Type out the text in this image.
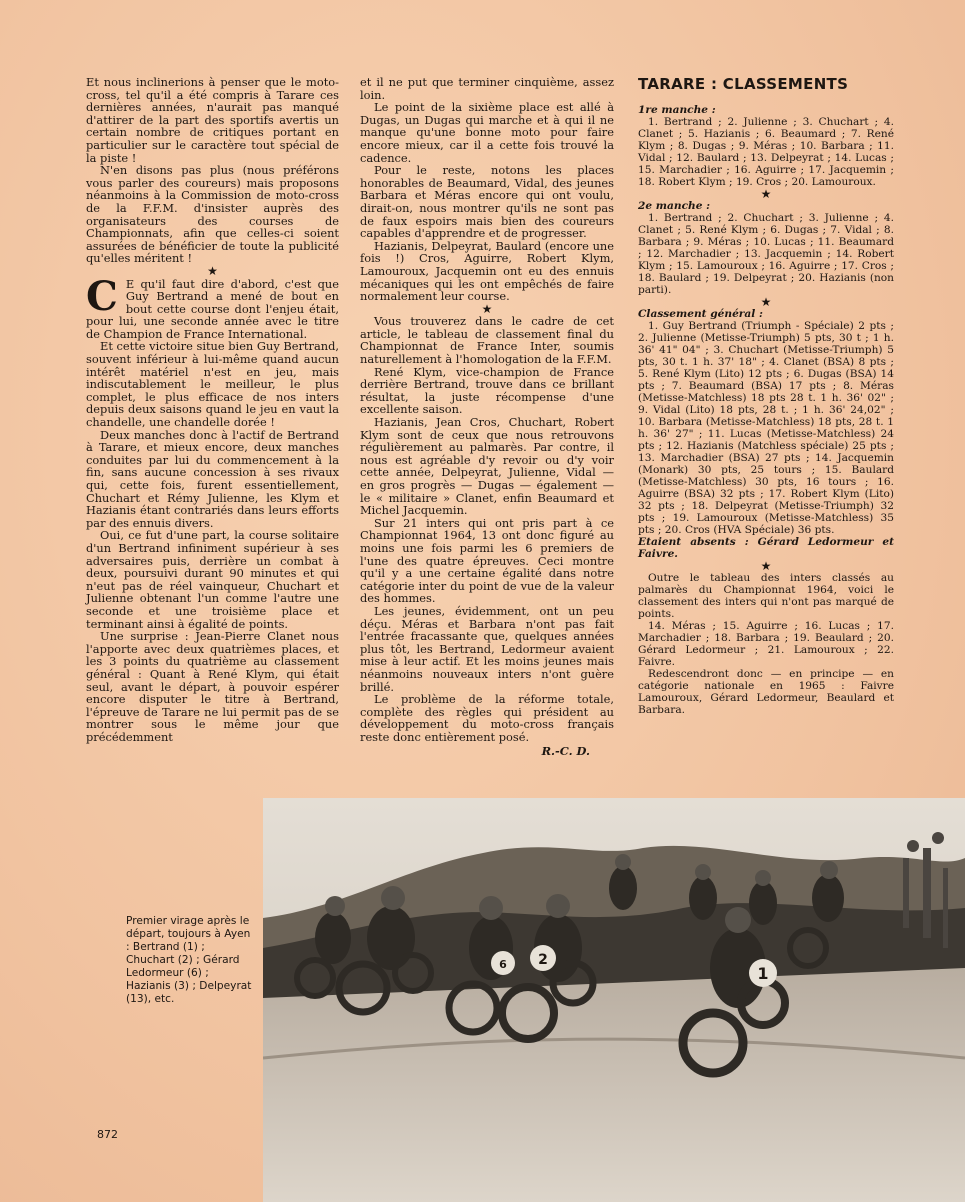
Et nous inclinerions à penser que le moto-cross, tel qu'il a été compris à Tarare ces dernières années, n'aurait pas manqué d'attirer de la part des sportifs avertis un certain nombre de critiques portant en particulier sur le caractère tout spécial de la piste !

N'en disons pas plus (nous préférons vous parler des coureurs) mais proposons néanmoins à la Commission de moto-cross de la F.F.M. d'insister auprès des organisateurs des courses de Championnats, afin que celles-ci soient assurées de bénéficier de toute la publicité qu'elles méritent !

★

C E qu'il faut dire d'abord, c'est que Guy Bertrand a mené de bout en bout cette course dont l'enjeu était, pour lui, une seconde année avec le titre de Champion de France International.

Et cette victoire situe bien Guy Bertrand, souvent inférieur à lui-même quand aucun intérêt matériel n'est en jeu, mais indiscutablement le meilleur, le plus complet, le plus efficace de nos inters depuis deux saisons quand le jeu en vaut la chandelle, une chandelle dorée !

Deux manches donc à l'actif de Bertrand à Tarare, et mieux encore, deux manches conduites par lui du commencement à la fin, sans aucune concession à ses rivaux qui, cette fois, furent essentiellement, Chuchart et Rémy Julienne, les Klym et Hazianis étant contrariés dans leurs efforts par des ennuis divers.

Oui, ce fut d'une part, la course solitaire d'un Bertrand infiniment supérieur à ses adversaires puis, derrière un combat à deux, poursuivi durant 90 minutes et qui n'eut pas de réel vainqueur, Chuchart et Julienne obtenant l'un comme l'autre une seconde et une troisième place et terminant ainsi à égalité de points.

Une surprise : Jean-Pierre Clanet nous l'apporte avec deux quatrièmes places, et les 3 points du quatrième au classement général : Quant à René Klym, qui était seul, avant le départ, à pouvoir espérer encore disputer le titre à Bertrand, l'épreuve de Tarare ne lui permit pas de se montrer sous le même jour que précédemment

et il ne put que terminer cinquième, assez loin.

Le point de la sixième place est allé à Dugas, un Dugas qui marche et à qui il ne manque qu'une bonne moto pour faire encore mieux, car il a cette fois trouvé la cadence.

Pour le reste, notons les places honorables de Beaumard, Vidal, des jeunes Barbara et Méras encore qui ont voulu, dirait-on, nous montrer qu'ils ne sont pas de faux espoirs mais bien des coureurs capables d'apprendre et de progresser.

Hazianis, Delpeyrat, Baulard (encore une fois !) Cros, Aguirre, Robert Klym, Lamouroux, Jacquemin ont eu des ennuis mécaniques qui les ont empêchés de faire normalement leur course.

★

Vous trouverez dans le cadre de cet article, le tableau de classement final du Championnat de France Inter, soumis naturellement à l'homologation de la F.F.M.

René Klym, vice-champion de France derrière Bertrand, trouve dans ce brillant résultat, la juste récompense d'une excellente saison.

Hazianis, Jean Cros, Chuchart, Robert Klym sont de ceux que nous retrouvons régulièrement au palmarès. Par contre, il nous est agréable d'y revoir ou d'y voir cette année, Delpeyrat, Julienne, Vidal — en gros progrès — Dugas — également — le « militaire » Clanet, enfin Beaumard et Michel Jacquemin.

Sur 21 inters qui ont pris part à ce Championnat 1964, 13 ont donc figuré au moins une fois parmi les 6 premiers de l'une des quatre épreuves. Ceci montre qu'il y a une certaine égalité dans notre catégorie inter du point de vue de la valeur des hommes.

Les jeunes, évidemment, ont un peu déçu. Méras et Barbara n'ont pas fait l'entrée fracassante que, quelques années plus tôt, les Bertrand, Ledormeur avaient mise à leur actif. Et les moins jeunes mais néanmoins nouveaux inters n'ont guère brillé.

Le problème de la réforme totale, complète des règles qui président au développement du moto-cross français reste donc entièrement posé.

R.-C. D.

TARARE : CLASSEMENTS

1re manche :

1. Bertrand ; 2. Julienne ; 3. Chuchart ; 4. Clanet ; 5. Hazianis ; 6. Beaumard ; 7. René Klym ; 8. Dugas ; 9. Méras ; 10. Barbara ; 11. Vidal ; 12. Baulard ; 13. Delpeyrat ; 14. Lucas ; 15. Marchadier ; 16. Aguirre ; 17. Jacquemin ; 18. Robert Klym ; 19. Cros ; 20. Lamouroux.

★

2e manche :

1. Bertrand ; 2. Chuchart ; 3. Julienne ; 4. Clanet ; 5. René Klym ; 6. Dugas ; 7. Vidal ; 8. Barbara ; 9. Méras ; 10. Lucas ; 11. Beaumard ; 12. Marchadier ; 13. Jacquemin ; 14. Robert Klym ; 15. Lamouroux ; 16. Aguirre ; 17. Cros ; 18. Baulard ; 19. Delpeyrat ; 20. Hazianis (non parti).

★

Classement général :

1. Guy Bertrand (Triumph - Spéciale) 2 pts ; 2. Julienne (Metisse-Triumph) 5 pts, 30 t ; 1 h. 36' 41" 04" ; 3. Chuchart (Metisse-Triumph) 5 pts, 30 t. 1 h. 37' 18" ; 4. Clanet (BSA) 8 pts ; 5. René Klym (Lito) 12 pts ; 6. Dugas (BSA) 14 pts ; 7. Beaumard (BSA) 17 pts ; 8. Méras (Metisse-Matchless) 18 pts 28 t. 1 h. 36' 02" ; 9. Vidal (Lito) 18 pts, 28 t. ; 1 h. 36' 24,02" ; 10. Barbara (Metisse-Matchless) 18 pts, 28 t. 1 h. 36' 27" ; 11. Lucas (Metisse-Matchless) 24 pts ; 12. Hazianis (Matchless spéciale) 25 pts ; 13. Marchadier (BSA) 27 pts ; 14. Jacquemin (Monark) 30 pts, 25 tours ; 15. Baulard (Metisse-Matchless) 30 pts, 16 tours ; 16. Aguirre (BSA) 32 pts ; 17. Robert Klym (Lito) 32 pts ; 18. Delpeyrat (Metisse-Triumph) 32 pts ; 19. Lamouroux (Metisse-Matchless) 35 pts ; 20. Cros (HVA Spéciale) 36 pts.

Etaient absents : Gérard Ledormeur et Faivre.

★

Outre le tableau des inters classés au palmarès du Championnat 1964, voici le classement des inters qui n'ont pas marqué de points.

14. Méras ; 15. Aguirre ; 16. Lucas ; 17. Marchadier ; 18. Barbara ; 19. Beaulard ; 20. Gérard Ledormeur ; 21. Lamouroux ; 22. Faivre.

Redescendront donc — en principe — en catégorie nationale en 1965 : Faivre Lamouroux, Gérard Ledormeur, Beaulard et Barbara.

Premier virage après le départ, toujours à Ayen : Bertrand (1) ; Chuchart (2) ; Gérard Ledormeur (6) ; Hazianis (3) ; Delpeyrat (13), etc.
1
2
6
872
